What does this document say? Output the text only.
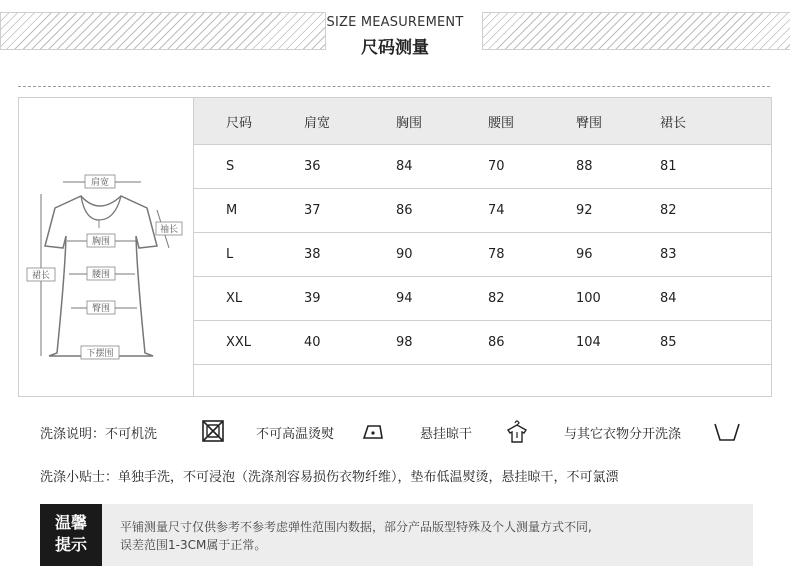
SIZE MEASUREMENT
尺码测量
肩宽
袖长
胸围
腰围
臀围
裙长
下摆围
尺码	肩宽	胸围	腰围	臀围	裙长
S	36	84	70	88	81
M	37	86	74	92	82
L	38	90	78	96	83
XL	39	94	82	100	84
XXL	40	98	86	104	85

洗涤说明：不可机洗	不可高温烫熨	悬挂晾干	与其它衣物分开洗涤
洗涤小贴士：单独手洗，不可浸泡（洗涤剂容易损伤衣物纤维），垫布低温熨烫，悬挂晾干，不可氯漂
温馨
提示
平铺测量尺寸仅供参考不参考虑弹性范围内数据，部分产品版型特殊及个人测量方式不同,
误差范围1-3CM属于正常。
